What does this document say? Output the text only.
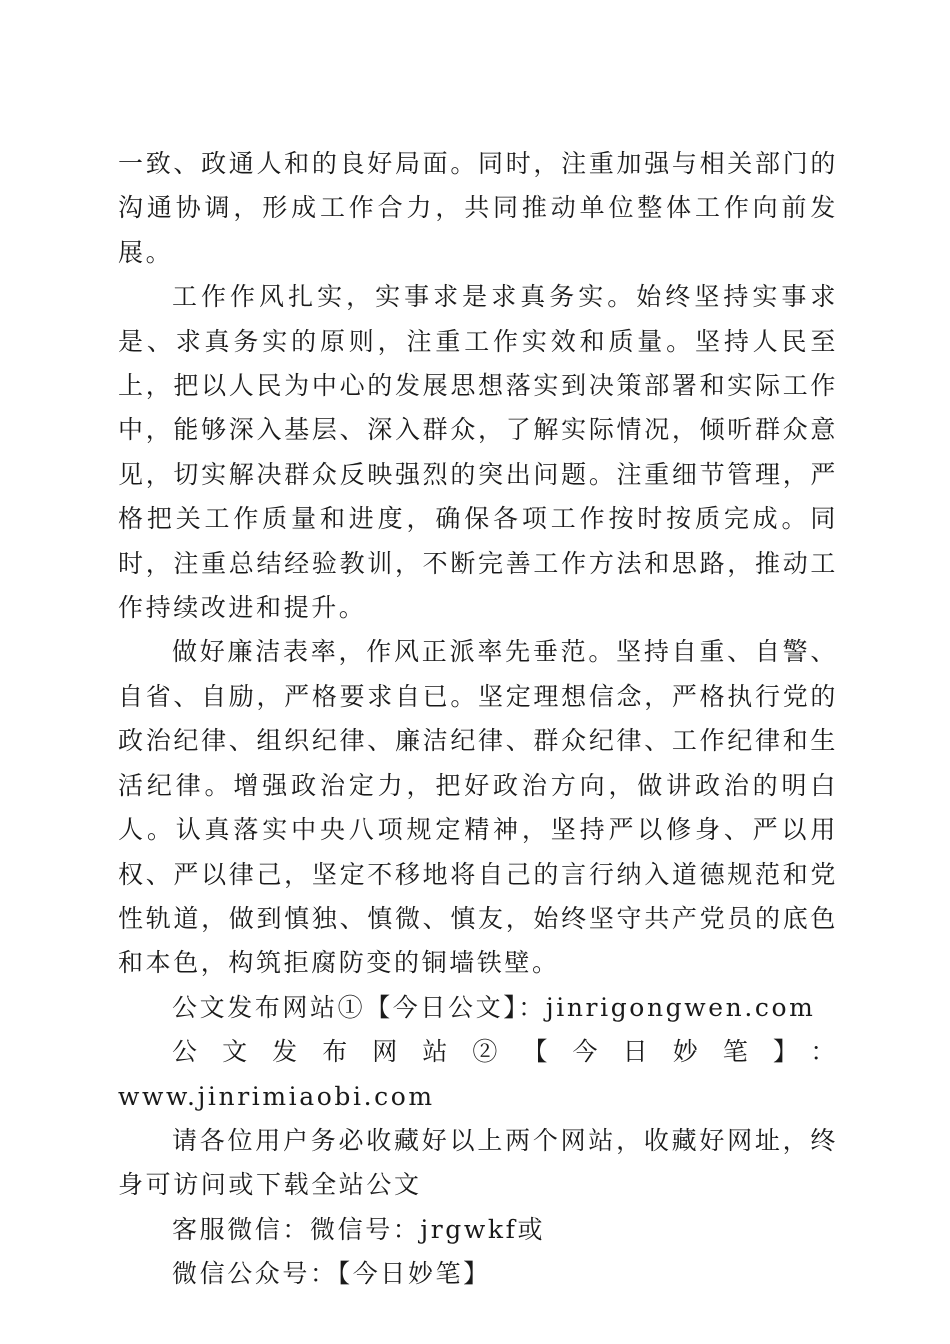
一致、政通人和的良好局面。同时，注重加强与相关部门的沟通协调，形成工作合力，共同推动单位整体工作向前发展。

工作作风扎实，实事求是求真务实。始终坚持实事求是、求真务实的原则，注重工作实效和质量。坚持人民至上，把以人民为中心的发展思想落实到决策部署和实际工作中，能够深入基层、深入群众，了解实际情况，倾听群众意见，切实解决群众反映强烈的突出问题。注重细节管理，严格把关工作质量和进度，确保各项工作按时按质完成。同时，注重总结经验教训，不断完善工作方法和思路，推动工作持续改进和提升。

做好廉洁表率，作风正派率先垂范。坚持自重、自警、自省、自励，严格要求自已。坚定理想信念，严格执行党的政治纪律、组织纪律、廉洁纪律、群众纪律、工作纪律和生活纪律。增强政治定力，把好政治方向，做讲政治的明白人。认真落实中央八项规定精神，坚持严以修身、严以用权、严以律己，坚定不移地将自己的言行纳入道德规范和党性轨道，做到慎独、慎微、慎友，始终坚守共产党员的底色和本色，构筑拒腐防变的铜墙铁壁。

公文发布网站①【今日公文】：jinrigongwen.com

公文发布网站②【今日妙笔】：www.jinrimiaobi.com

请各位用户务必收藏好以上两个网站，收藏好网址，终身可访问或下载全站公文

客服微信：微信号：jrgwkf或

微信公众号：【今日妙笔】
